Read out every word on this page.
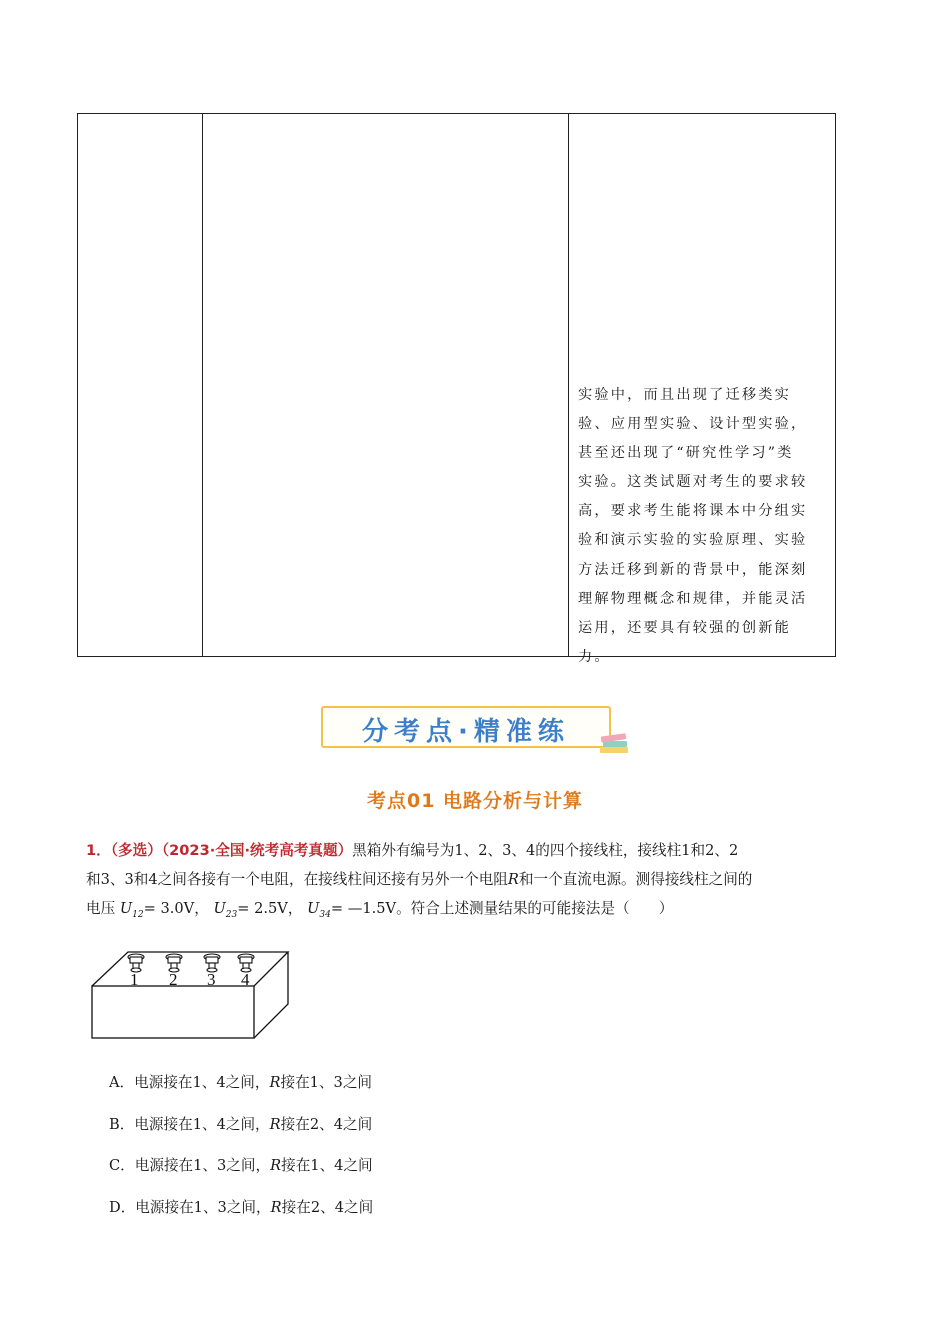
实验中，而且出现了迁移类实
验、应用型实验、设计型实验，
甚至还出现了“研究性学习”类
实验。这类试题对考生的要求较
高，要求考生能将课本中分组实
验和演示实验的实验原理、实验
方法迁移到新的背景中，能深刻
理解物理概念和规律，并能灵活
运用，还要具有较强的创新能
力。
分考点·精准练
考点01 电路分析与计算
1．（多选）（2023·全国·统考高考真题）黑箱外有编号为1、2、3、4的四个接线柱，接线柱1和2、2
和3、3和4之间各接有一个电阻，在接线柱间还接有另外一个电阻R和一个直流电源。测得接线柱之间的
电压 $U_{12}= 3.0V$， $U_{23}= 2.5V$， $U_{34}=$ —1.5V。符合上述测量结果的可能接法是（　　）
1 2 3 4
A．电源接在1、4之间，R接在1、3之间
B．电源接在1、4之间，R接在2、4之间
C．电源接在1、3之间，R接在1、4之间
D．电源接在1、3之间，R接在2、4之间
